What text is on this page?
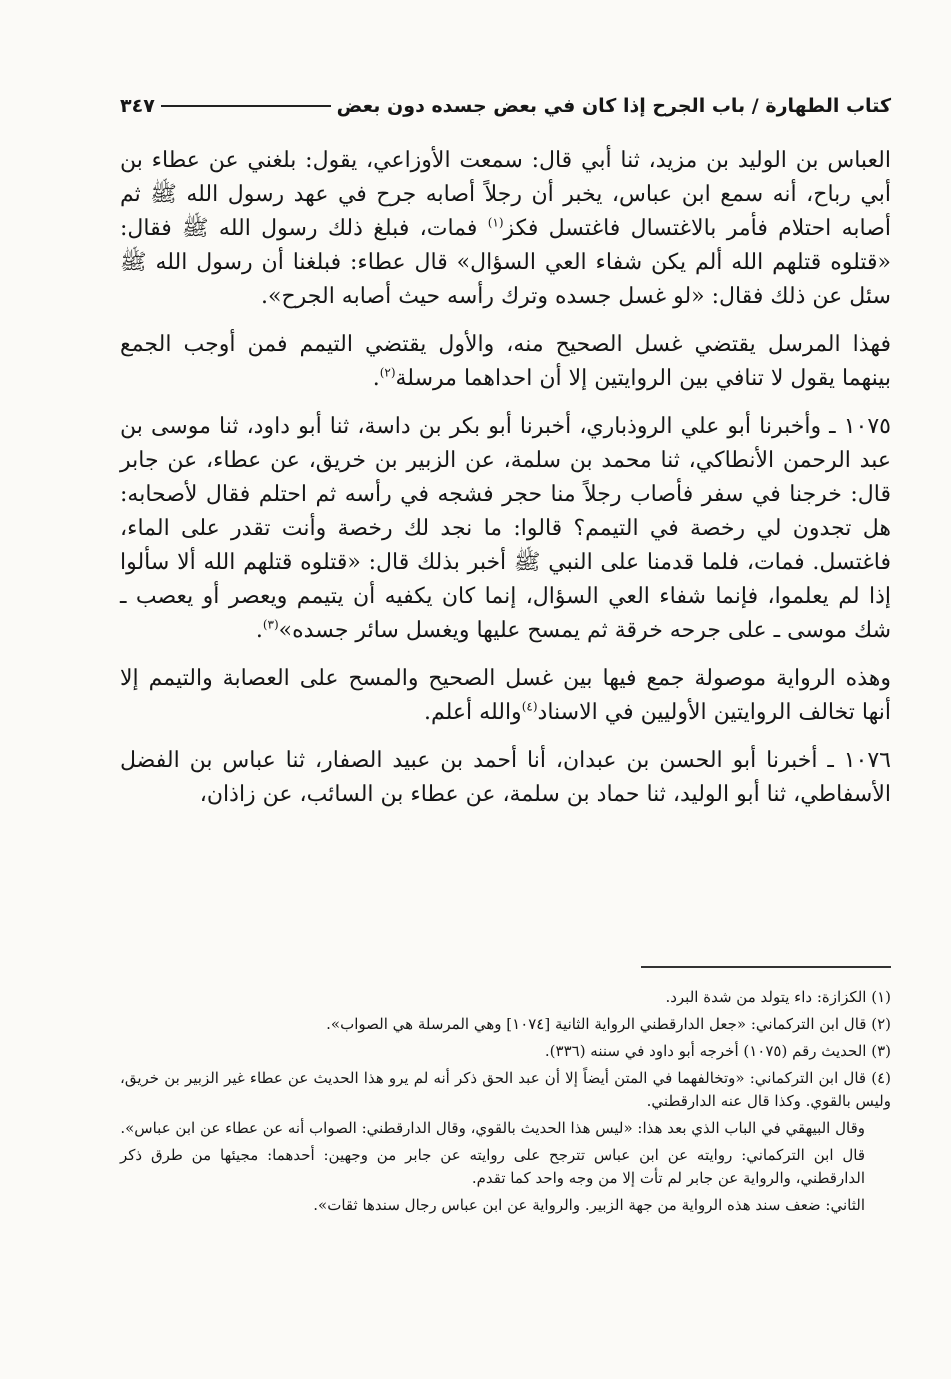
كتاب الطهارة / باب الجرح إذا كان في بعض جسده دون بعض
٣٤٧

العباس بن الوليد بن مزيد، ثنا أبي قال: سمعت الأوزاعي، يقول: بلغني عن عطاء بن أبي رباح، أنه سمع ابن عباس، يخبر أن رجلاً أصابه جرح في عهد رسول الله ﷺ ثم أصابه احتلام فأمر بالاغتسال فاغتسل فكز$^{(١)}$ فمات، فبلغ ذلك رسول الله ﷺ فقال: «قتلوه قتلهم الله ألم يكن شفاء العي السؤال» قال عطاء: فبلغنا أن رسول الله ﷺ سئل عن ذلك فقال: «لو غسل جسده وترك رأسه حيث أصابه الجرح».

فهذا المرسل يقتضي غسل الصحيح منه، والأول يقتضي التيمم فمن أوجب الجمع بينهما يقول لا تنافي بين الروايتين إلا أن احداهما مرسلة$^{(٢)}$.

١٠٧٥ ـ وأخبرنا أبو علي الروذباري، أخبرنا أبو بكر بن داسة، ثنا أبو داود، ثنا موسى بن عبد الرحمن الأنطاكي، ثنا محمد بن سلمة، عن الزبير بن خريق، عن عطاء، عن جابر قال: خرجنا في سفر فأصاب رجلاً منا حجر فشجه في رأسه ثم احتلم فقال لأصحابه: هل تجدون لي رخصة في التيمم؟ قالوا: ما نجد لك رخصة وأنت تقدر على الماء، فاغتسل. فمات، فلما قدمنا على النبي ﷺ أخبر بذلك قال: «قتلوه قتلهم الله ألا سألوا إذا لم يعلموا، فإنما شفاء العي السؤال، إنما كان يكفيه أن يتيمم ويعصر أو يعصب ـ شك موسى ـ على جرحه خرقة ثم يمسح عليها ويغسل سائر جسده»$^{(٣)}$.

وهذه الرواية موصولة جمع فيها بين غسل الصحيح والمسح على العصابة والتيمم إلا أنها تخالف الروايتين الأوليين في الاسناد$^{(٤)}$والله أعلم.

١٠٧٦ ـ أخبرنا أبو الحسن بن عبدان، أنا أحمد بن عبيد الصفار، ثنا عباس بن الفضل الأسفاطي، ثنا أبو الوليد، ثنا حماد بن سلمة، عن عطاء بن السائب، عن زاذان،

(١) الكزازة: داء يتولد من شدة البرد.

(٢) قال ابن التركماني: «جعل الدارقطني الرواية الثانية [١٠٧٤] وهي المرسلة هي الصواب».

(٣) الحديث رقم (١٠٧٥) أخرجه أبو داود في سننه (٣٣٦).

(٤) قال ابن التركماني: «وتخالفهما في المتن أيضاً إلا أن عبد الحق ذكر أنه لم يرو هذا الحديث عن عطاء غير الزبير بن خريق، وليس بالقوي. وكذا قال عنه الدارقطني.

وقال البيهقي في الباب الذي بعد هذا: «ليس هذا الحديث بالقوي، وقال الدارقطني: الصواب أنه عن عطاء عن ابن عباس».

قال ابن التركماني: روايته عن ابن عباس تترجح على روايته عن جابر من وجهين: أحدهما: مجيئها من طرق ذكر الدارقطني، والرواية عن جابر لم تأت إلا من وجه واحد كما تقدم.

الثاني: ضعف سند هذه الرواية من جهة الزبير. والرواية عن ابن عباس رجال سندها ثقات».
